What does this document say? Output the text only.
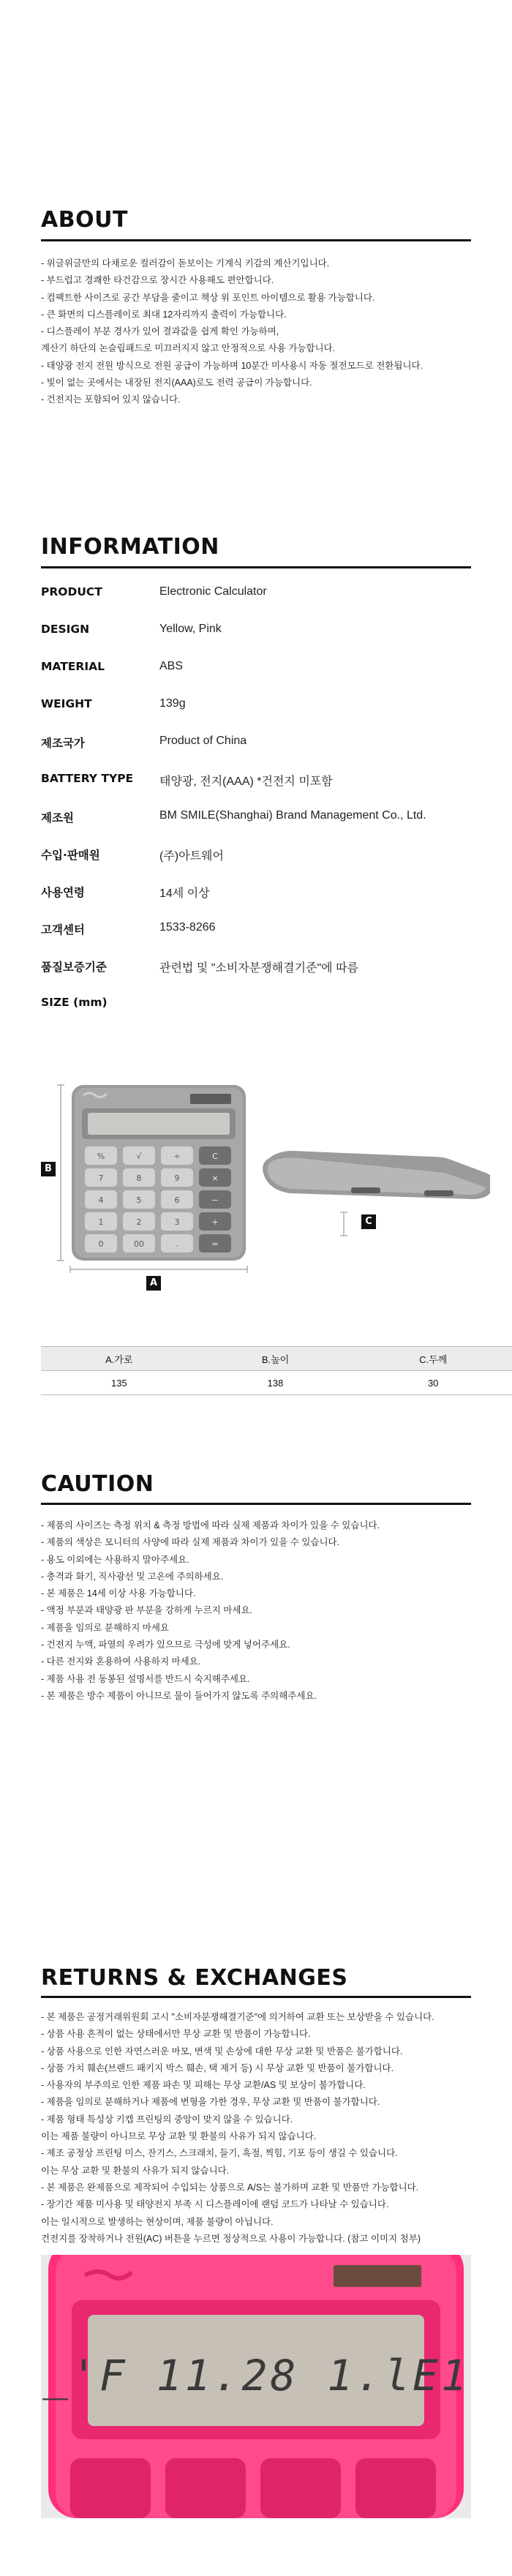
ABOUT
- 위글위글만의 다채로운 컬러감이 돋보이는 기계식 키감의 계산기입니다.
- 부드럽고 경쾌한 타건감으로 장시간 사용해도 편안합니다.
- 컴팩트한 사이즈로 공간 부담을 줄이고 책상 위 포인트 아이템으로 활용 가능합니다.
- 큰 화면의 디스플레이로 최대 12자리까지 출력이 가능합니다.
- 디스플레이 부분 경사가 있어 결과값을 쉽게 확인 가능하며,
계산기 하단의 논슬립패드로 미끄러지지 않고 안정적으로 사용 가능합니다.
- 태양광 전지 전원 방식으로 전원 공급이 가능하며 10분간 미사용시 자동 절전모드로 전환됩니다.
- 빛이 없는 곳에서는 내장된 전지(AAA)로도 전력 공급이 가능합니다.
- 건전지는 포함되어 있지 않습니다.
INFORMATION
PRODUCT	Electronic Calculator
DESIGN	Yellow, Pink
MATERIAL	ABS
WEIGHT	139g
제조국가	Product of China
BATTERY TYPE 태양광, 전지(AAA) *건전지 미포함
제조원	BM SMILE(Shanghai) Brand Management Co., Ltd.
수입·판매원	(주)아트웨어
사용연령	14세 이상
고객센터	1533-8266
품질보증기준	관련법 및 "소비자분쟁해결기준"에 따름
SIZE (mm)
%	√	÷	C
7	8	9	×
4	5	6	−
1	2	3	+
0	00	.	=
B
A
C
A.가로	B.높이	C.두께
135	138	30
CAUTION
- 제품의 사이즈는 측정 위치 & 측정 방법에 따라 실제 제품과 차이가 있을 수 있습니다.
- 제품의 색상은 모니터의 사양에 따라 실제 제품과 차이가 있을 수 있습니다.
- 용도 이외에는 사용하지 말아주세요.
- 충격과 화기, 직사광선 및 고온에 주의하세요.
- 본 제품은 14세 이상 사용 가능합니다.
- 액정 부분과 태양광 판 부분을 강하게 누르지 마세요.
- 제품을 임의로 분해하지 마세요
- 건전지 누액, 파열의 우려가 있으므로 극성에 맞게 넣어주세요.
- 다른 전지와 혼용하여 사용하지 마세요.
- 제품 사용 전 동봉된 설명서를 반드시 숙지해주세요.
- 본 제품은 방수 제품이 아니므로 물이 들어가지 않도록 주의해주세요.
RETURNS & EXCHANGES
- 본 제품은 공정거래위원회 고시 "소비자분쟁해결기준"에 의거하여 교환 또는 보상받을 수 있습니다.
- 상품 사용 흔적이 없는 상태에서만 무상 교환 및 반품이 가능합니다.
- 상품 사용으로 인한 자연스러운 마모, 변색 및 손상에 대한 무상 교환 및 반품은 불가합니다.
- 상품 가치 훼손(브랜드 패키지 박스 훼손, 택 제거 등) 시 무상 교환 및 반품이 불가합니다.
- 사용자의 부주의로 인한 제품 파손 및 피해는 무상 교환/AS 및 보상이 불가합니다.
- 제품을 임의로 분해하거나 제품에 변형을 가한 경우, 무상 교환 및 반품이 불가합니다.
- 제품 형태 특성상 키캡 프린팅의 중앙이 맞지 않을 수 있습니다.
이는 제품 불량이 아니므로 무상 교환 및 환불의 사유가 되지 않습니다.
- 제조 공정상 프린팅 미스, 잔기스, 스크래치, 들기, 흑점, 찍힘, 기포 등이 생길 수 있습니다.
이는 무상 교환 및 환불의 사유가 되지 않습니다.
- 본 제품은 완제품으로 제작되어 수입되는 상품으로 A/S는 불가하며 교환 및 반품만 가능합니다.
- 장기간 제품 미사용 및 태양전지 부족 시 디스플레이에 랜덤 코드가 나타날 수 있습니다.
이는 일시적으로 발생하는 현상이며, 제품 불량이 아닙니다.
건전지를 장착하거나 전원(AC) 버튼을 누르면 정상적으로 사용이 가능합니다. (참고 이미지 첨부)
_'F 11.28 1.lE1
